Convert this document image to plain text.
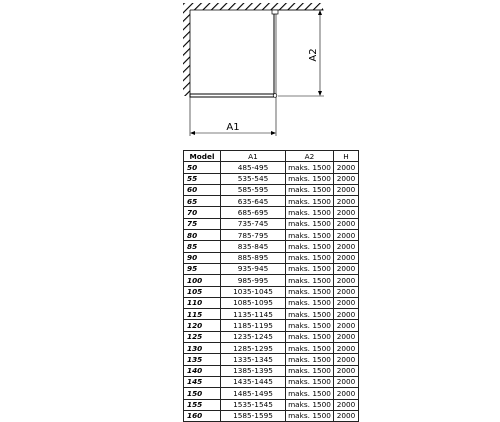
A2
A1
Model	A1	A2	H
50	485-495	maks. 1500	2000
55	535-545	maks. 1500	2000
60	585-595	maks. 1500	2000
65	635-645	maks. 1500	2000
70	685-695	maks. 1500	2000
75	735-745	maks. 1500	2000
80	785-795	maks. 1500	2000
85	835-845	maks. 1500	2000
90	885-895	maks. 1500	2000
95	935-945	maks. 1500	2000
100	985-995	maks. 1500	2000
105	1035-1045	maks. 1500	2000
110	1085-1095	maks. 1500	2000
115	1135-1145	maks. 1500	2000
120	1185-1195	maks. 1500	2000
125	1235-1245	maks. 1500	2000
130	1285-1295	maks. 1500	2000
135	1335-1345	maks. 1500	2000
140	1385-1395	maks. 1500	2000
145	1435-1445	maks. 1500	2000
150	1485-1495	maks. 1500	2000
155	1535-1545	maks. 1500	2000
160	1585-1595	maks. 1500	2000
